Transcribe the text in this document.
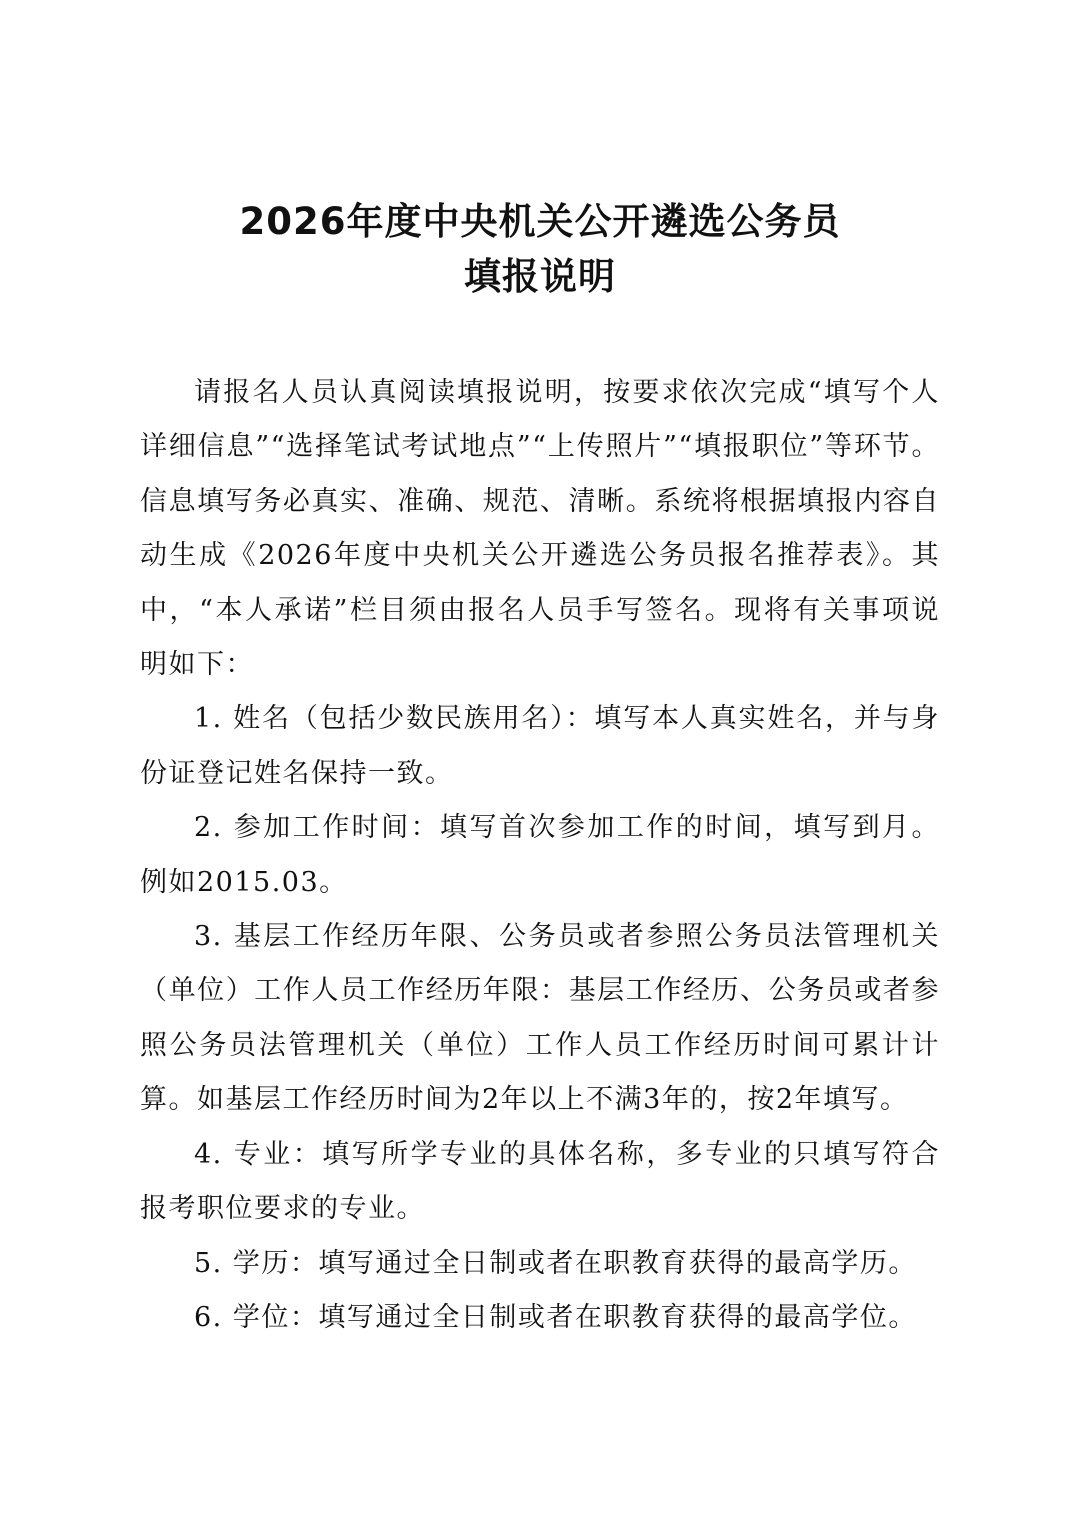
2026年度中央机关公开遴选公务员
填报说明

请报名人员认真阅读填报说明，按要求依次完成“填写个人详细信息”“选择笔试考试地点”“上传照片”“填报职位”等环节。信息填写务必真实、准确、规范、清晰。系统将根据填报内容自动生成《2026年度中央机关公开遴选公务员报名推荐表》。其中，“本人承诺”栏目须由报名人员手写签名。现将有关事项说明如下：

1. 姓名（包括少数民族用名）：填写本人真实姓名，并与身份证登记姓名保持一致。

2. 参加工作时间：填写首次参加工作的时间，填写到月。例如2015.03。

3. 基层工作经历年限、公务员或者参照公务员法管理机关（单位）工作人员工作经历年限：基层工作经历、公务员或者参照公务员法管理机关（单位）工作人员工作经历时间可累计计算。如基层工作经历时间为2年以上不满3年的，按2年填写。

4. 专业：填写所学专业的具体名称，多专业的只填写符合报考职位要求的专业。

5. 学历：填写通过全日制或者在职教育获得的最高学历。

6. 学位：填写通过全日制或者在职教育获得的最高学位。
